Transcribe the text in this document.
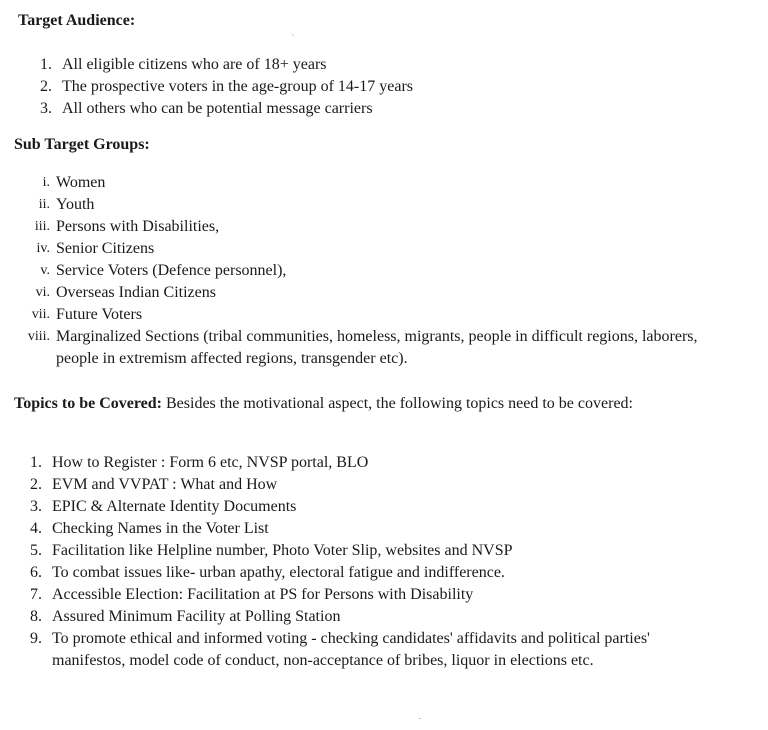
'
Target Audience:
1. All eligible citizens who are of 18+ years
2. The prospective voters in the age-group of 14-17 years
3. All others who can be potential message carriers
Sub Target Groups:
i. Women
ii. Youth
iii. Persons with Disabilities,
iv. Senior Citizens
v. Service Voters (Defence personnel),
vi. Overseas Indian Citizens
vii. Future Voters
viii. Marginalized Sections (tribal communities, homeless, migrants, people in difficult regions, laborers, people in extremism affected regions, transgender etc).

Topics to be Covered: Besides the motivational aspect, the following topics need to be covered:

1. How to Register : Form 6 etc, NVSP portal, BLO
2. EVM and VVPAT : What and How
3. EPIC & Alternate Identity Documents
4. Checking Names in the Voter List
5. Facilitation like Helpline number, Photo Voter Slip, websites and NVSP
6. To combat issues like- urban apathy, electoral fatigue and indifference.
7. Accessible Election: Facilitation at PS for Persons with Disability
8. Assured Minimum Facility at Polling Station
9. To promote ethical and informed voting - checking candidates' affidavits and political parties' manifestos, model code of conduct, non-acceptance of bribes, liquor in elections etc.
-
